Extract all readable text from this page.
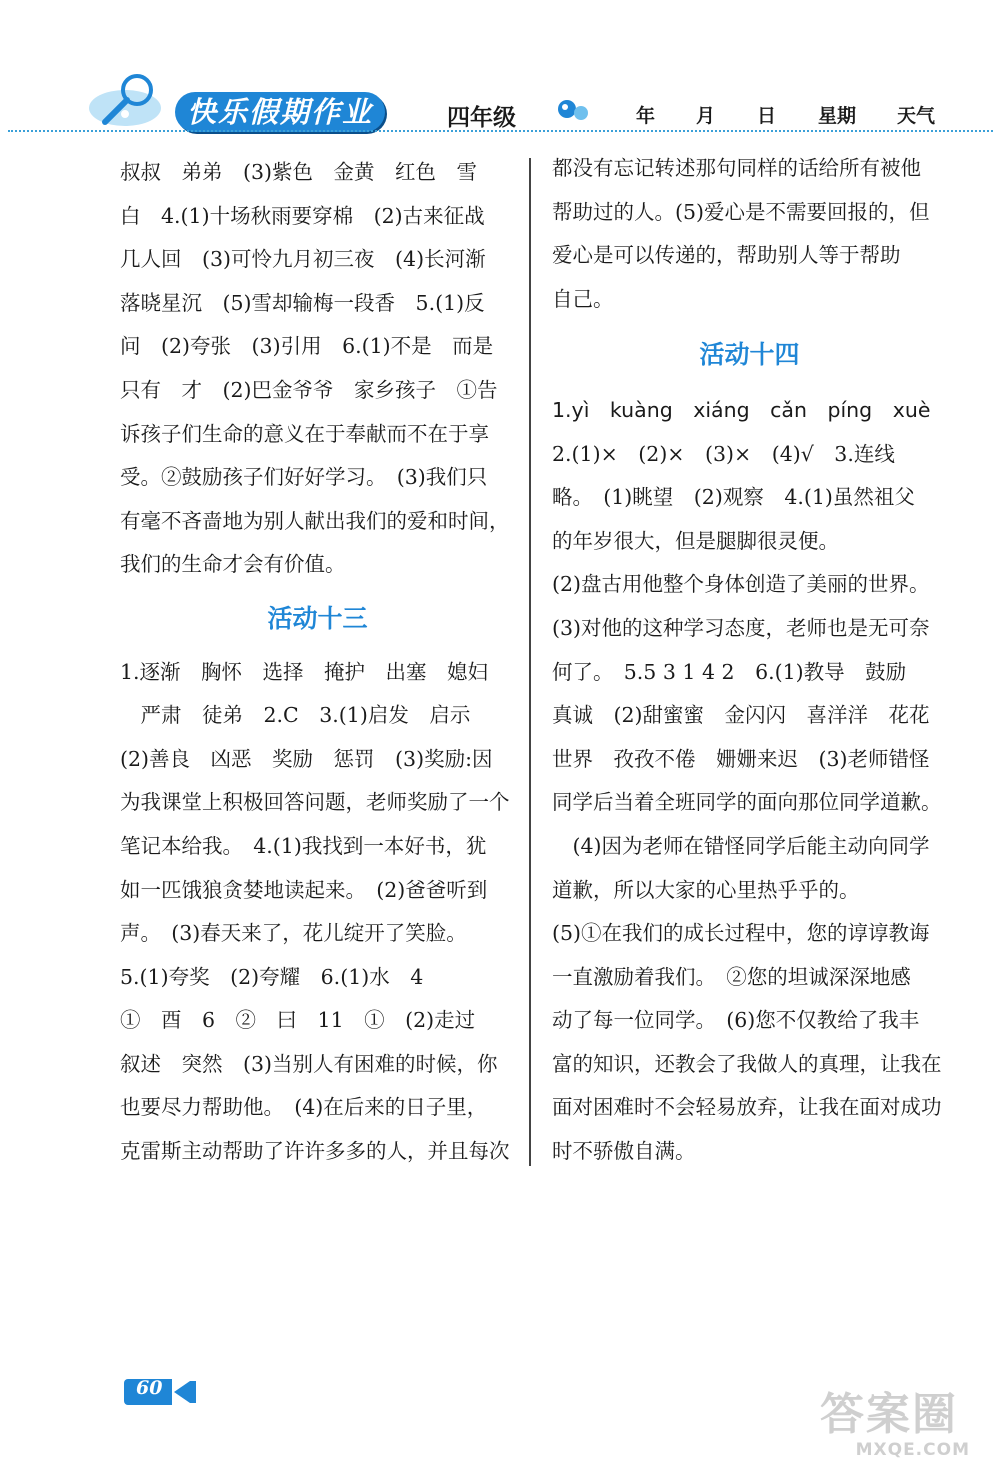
快乐假期作业	四年级	年 月 日 星期 天气

叔叔　弟弟　(3)紫色　金黄　红色　雪

白　4.(1)十场秋雨要穿棉　(2)古来征战

几人回　(3)可怜九月初三夜　(4)长河渐

落晓星沉　(5)雪却输梅一段香　5.(1)反

问　(2)夸张　(3)引用　6.(1)不是　而是

只有　才　(2)巴金爷爷　家乡孩子　①告

诉孩子们生命的意义在于奉献而不在于享

受。②鼓励孩子们好好学习。　(3)我们只

有毫不吝啬地为别人献出我们的爱和时间，

我们的生命才会有价值。

活动十三

1.逐渐　胸怀　选择　掩护　出塞　媳妇

　严肃　徒弟　2.C　3.(1)启发　启示

(2)善良　凶恶　奖励　惩罚　(3)奖励:因

为我课堂上积极回答问题，老师奖励了一个

笔记本给我。　4.(1)我找到一本好书，犹

如一匹饿狼贪婪地读起来。　(2)爸爸听到

声。　(3)春天来了，花儿绽开了笑脸。

5.(1)夸奖　(2)夸耀　6.(1)水　4

①　酉　6　②　曰　11　①　(2)走过

叙述　突然　(3)当别人有困难的时候，你

也要尽力帮助他。　(4)在后来的日子里，

克雷斯主动帮助了许许多多的人，并且每次

都没有忘记转述那句同样的话给所有被他

帮助过的人。(5)爱心是不需要回报的，但

爱心是可以传递的，帮助别人等于帮助

自己。

活动十四

1.yì kuàng xiáng cǎn píng xuè

2.(1)×　(2)×　(3)×　(4)√　3.连线

略。　(1)眺望　(2)观察　4.(1)虽然祖父

的年岁很大，但是腿脚很灵便。

(2)盘古用他整个身体创造了美丽的世界。

(3)对他的这种学习态度，老师也是无可奈

何了。　5.5 3 1 4 2　6.(1)教导　鼓励

真诚　(2)甜蜜蜜　金闪闪　喜洋洋　花花

世界　孜孜不倦　姗姗来迟　(3)老师错怪

同学后当着全班同学的面向那位同学道歉。

　(4)因为老师在错怪同学后能主动向同学

道歉，所以大家的心里热乎乎的。

(5)①在我们的成长过程中，您的谆谆教诲

一直激励着我们。　②您的坦诚深深地感

动了每一位同学。　(6)您不仅教给了我丰

富的知识，还教会了我做人的真理，让我在

面对困难时不会轻易放弃，让我在面对成功

时不骄傲自满。

60
答案圈
MXQE.COM
